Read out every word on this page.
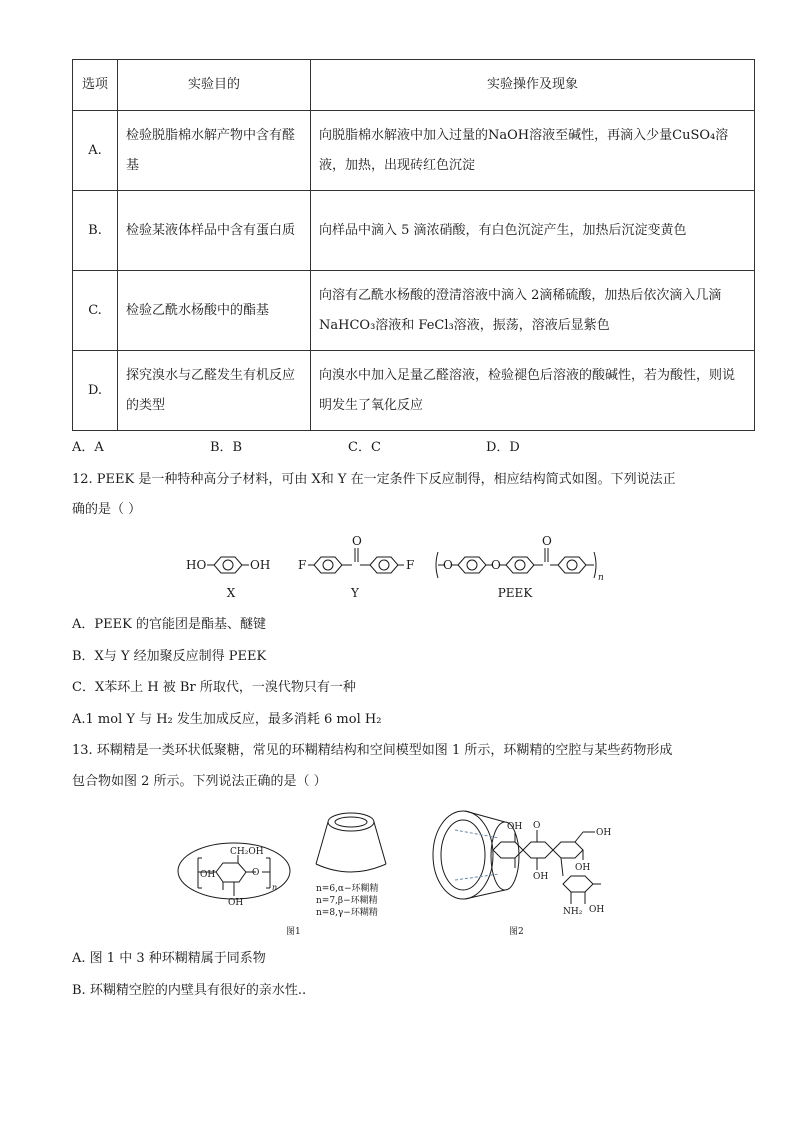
选项	实验目的	实验操作及现象
A.	检验脱脂棉水解产物中含有醛基	向脱脂棉水解液中加入过量的NaOH溶液至碱性，再滴入少量CuSO₄溶液，加热，出现砖红色沉淀
B.	检验某液体样品中含有蛋白质	向样品中滴入 5 滴浓硝酸，有白色沉淀产生，加热后沉淀变黄色
C.	检验乙酰水杨酸中的酯基	向溶有乙酰水杨酸的澄清溶液中滴入 2滴稀硫酸，加热后依次滴入几滴 NaHCO₃溶液和 FeCl₃溶液，振荡，溶液后显紫色
D.	探究溴水与乙醛发生有机反应的类型	向溴水中加入足量乙醛溶液，检验褪色后溶液的酸碱性，若为酸性，则说明发生了氧化反应
A．A	B．B	C．C	D．D
12. PEEK 是一种特种高分子材料，可由 X和 Y 在一定条件下反应制得，相应结构简式如图。下列说法正
确的是（ ）
HO	OH F
O
F O	O
O
n
X	Y	PEEK
A．PEEK 的官能团是酯基、醚键
B．X与 Y 经加聚反应制得 PEEK
C．X苯环上 H 被 Br 所取代，一溴代物只有一种
A.1 mol Y 与 H₂ 发生加成反应，最多消耗 6 mol H₂
13. 环糊精是一类环状低聚糖，常见的环糊精结构和空间模型如图 1 所示，环糊精的空腔与某些药物形成
包合物如图 2 所示。下列说法正确的是（ ）
CH₂OH
O
OH
OH
n	n=6,α−环糊精
n=7,β−环糊精
n=8,γ−环糊精
图1
OH O
OH
OH
OH
OH
NH₂
图2
A. 图 1 中 3 种环糊精属于同系物
B. 环糊精空腔的内壁具有很好的亲水性..
